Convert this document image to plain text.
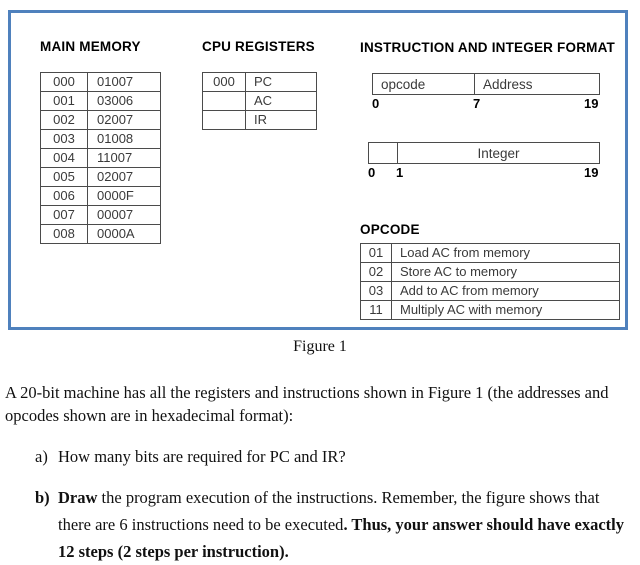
MAIN MEMORY
000	01007
001	03006
002	02007
003	01008
004	11007
005	02007
006	0000F
007	00007
008	0000A
CPU REGISTERS
000	PC
	AC
	IR
INSTRUCTION AND INTEGER FORMAT
opcode	Address
0	7	19
Integer
0 1	19
OPCODE
01	Load AC from memory
02	Store AC to memory
03	Add to AC from memory
11	Multiply AC with memory
Figure 1

A 20-bit machine has all the registers and instructions shown in Figure 1 (the addresses and opcodes shown are in hexadecimal format):

a) How many bits are required for PC and IR?
b) Draw the program execution of the instructions. Remember, the figure shows that there are 6 instructions need to be executed. Thus, your answer should have exactly 12 steps (2 steps per instruction).
